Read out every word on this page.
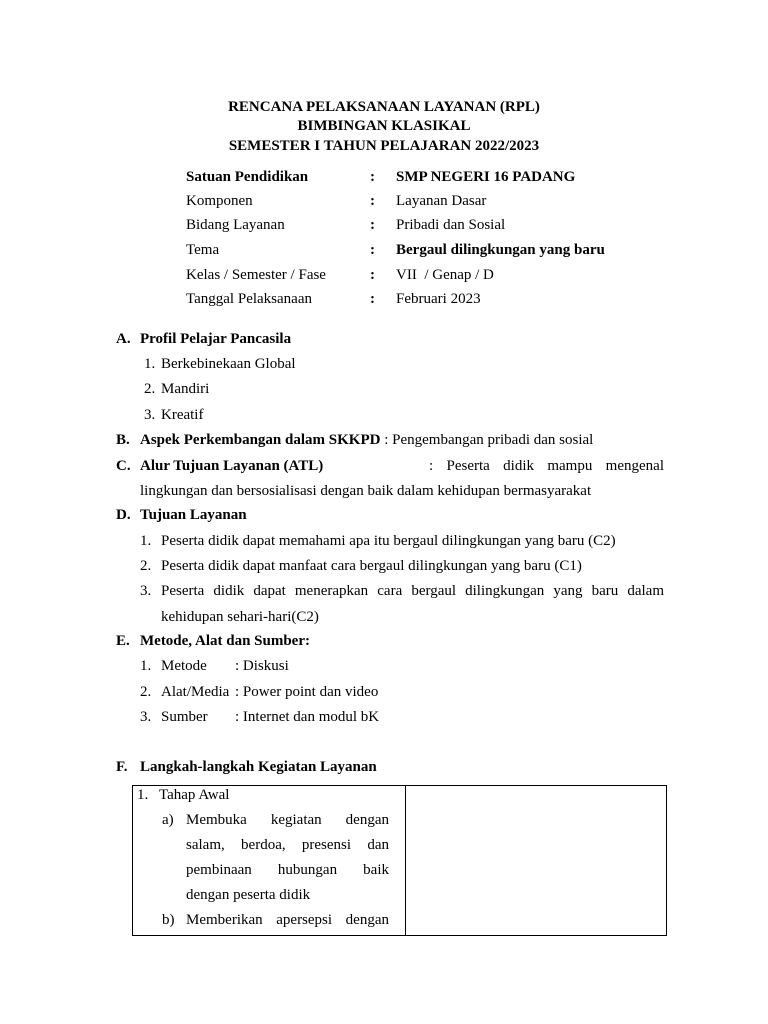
RENCANA PELAKSANAAN LAYANAN (RPL)
BIMBINGAN KLASIKAL
SEMESTER I TAHUN PELAJARAN 2022/2023
Satuan Pendidikan	: SMP NEGERI 16 PADANG
Komponen	: Layanan Dasar
Bidang Layanan	: Pribadi dan Sosial
Tema	: Bergaul dilingkungan yang baru
Kelas / Semester / Fase	: VII  / Genap / D
Tanggal Pelaksanaan	: Februari 2023
A. Profil Pelajar Pancasila
1. Berkebinekaan Global
2. Mandiri
3. Kreatif
B. Aspek Perkembangan dalam SKKPD : Pengembangan pribadi dan sosial
C. Alur Tujuan Layanan (ATL)	: Peserta didik mampu mengenal
lingkungan dan bersosialisasi dengan baik dalam kehidupan bermasyarakat
D. Tujuan Layanan
1. Peserta didik dapat memahami apa itu bergaul dilingkungan yang baru (C2)
2. Peserta didik dapat manfaat cara bergaul dilingkungan yang baru (C1)
3. Peserta didik dapat menerapkan cara bergaul dilingkungan yang baru dalam
kehidupan sehari-hari(C2)
E. Metode, Alat dan Sumber:
1. Metode : Diskusi
2. Alat/Media : Power point dan video
3. Sumber : Internet dan modul bK
F. Langkah-langkah Kegiatan Layanan
1. Tahap Awal
a) Membuka kegiatan dengan
salam, berdoa, presensi dan
pembinaan hubungan baik
dengan peserta didik
b) Memberikan apersepsi dengan
